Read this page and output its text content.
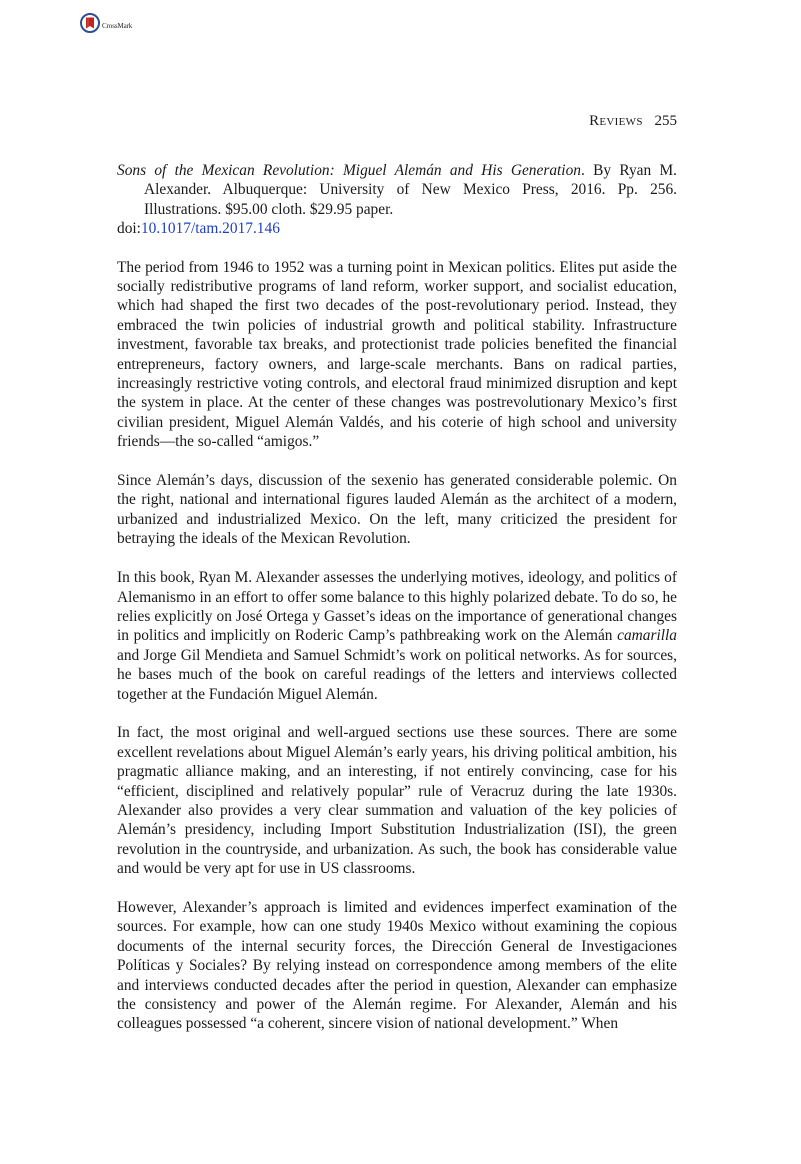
CrossMark
Reviews 255
Sons of the Mexican Revolution: Miguel Alemán and His Generation. By Ryan M. Alexander. Albuquerque: University of New Mexico Press, 2016. Pp. 256. Illustrations. $95.00 cloth. $29.95 paper.
doi:10.1017/tam.2017.146

The period from 1946 to 1952 was a turning point in Mexican politics. Elites put aside the socially redistributive programs of land reform, worker support, and socialist education, which had shaped the first two decades of the post-revolutionary period. Instead, they embraced the twin policies of industrial growth and political stability. Infrastructure investment, favorable tax breaks, and protectionist trade policies benefited the financial entrepreneurs, factory owners, and large-scale merchants. Bans on radical parties, increasingly restrictive voting controls, and electoral fraud minimized disruption and kept the system in place. At the center of these changes was postrevolutionary Mexico’s first civilian president, Miguel Alemán Valdés, and his coterie of high school and university friends—the so-called “amigos.”

Since Alemán’s days, discussion of the sexenio has generated considerable polemic. On the right, national and international figures lauded Alemán as the architect of a modern, urbanized and industrialized Mexico. On the left, many criticized the president for betraying the ideals of the Mexican Revolution.

In this book, Ryan M. Alexander assesses the underlying motives, ideology, and politics of Alemanismo in an effort to offer some balance to this highly polarized debate. To do so, he relies explicitly on José Ortega y Gasset’s ideas on the importance of generational changes in politics and implicitly on Roderic Camp’s pathbreaking work on the Alemán camarilla and Jorge Gil Mendieta and Samuel Schmidt’s work on political networks. As for sources, he bases much of the book on careful readings of the letters and interviews collected together at the Fundación Miguel Alemán.

In fact, the most original and well-argued sections use these sources. There are some excellent revelations about Miguel Alemán’s early years, his driving political ambition, his pragmatic alliance making, and an interesting, if not entirely convincing, case for his “efficient, disciplined and relatively popular” rule of Veracruz during the late 1930s. Alexander also provides a very clear summation and valuation of the key policies of Alemán’s presidency, including Import Substitution Industrialization (ISI), the green revolution in the countryside, and urbanization. As such, the book has considerable value and would be very apt for use in US classrooms.

However, Alexander’s approach is limited and evidences imperfect examination of the sources. For example, how can one study 1940s Mexico without examining the copious documents of the internal security forces, the Dirección General de Investigaciones Políticas y Sociales? By relying instead on correspondence among members of the elite and interviews conducted decades after the period in question, Alexander can emphasize the consistency and power of the Alemán regime. For Alexander, Alemán and his colleagues possessed “a coherent, sincere vision of national development.” When
